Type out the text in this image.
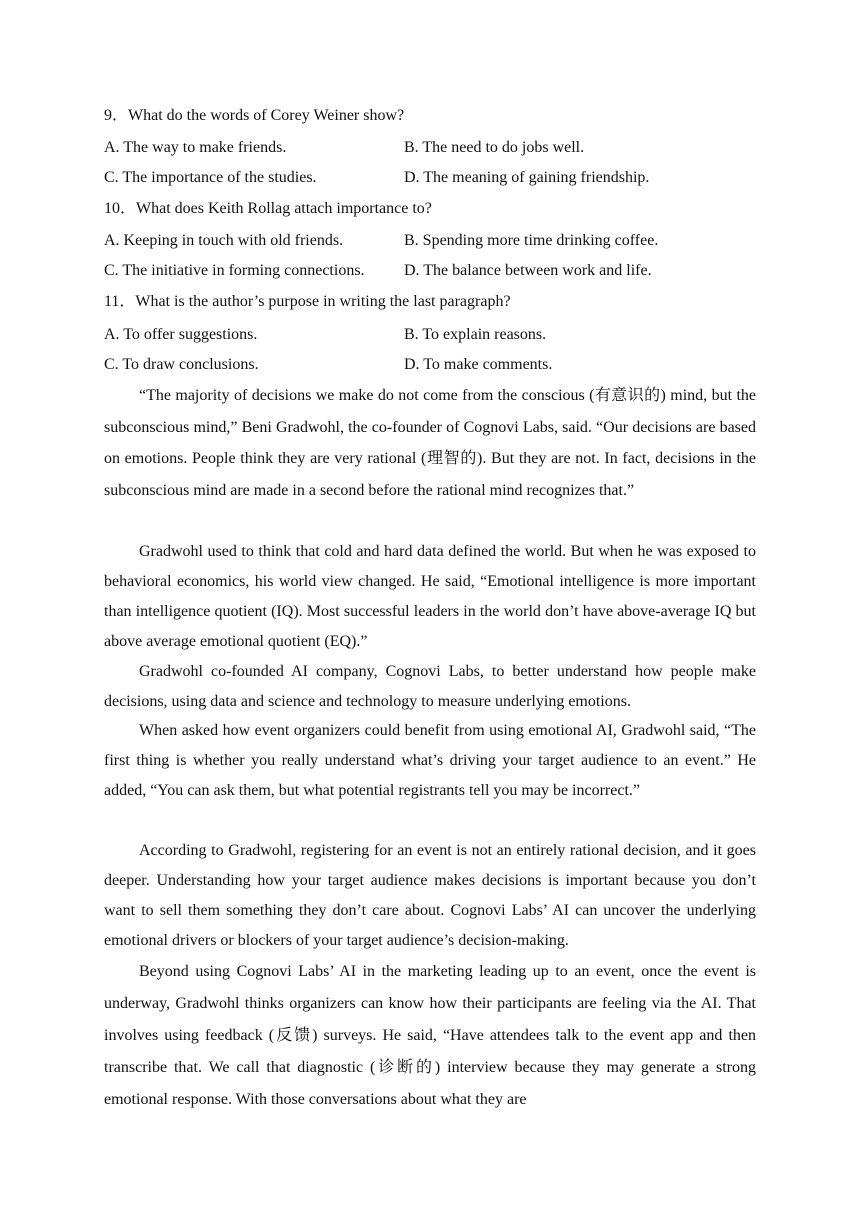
9．What do the words of Corey Weiner show?
A. The way to make friends.	B. The need to do jobs well.
C. The importance of the studies.	D. The meaning of gaining friendship.
10．What does Keith Rollag attach importance to?
A. Keeping in touch with old friends.	B. Spending more time drinking coffee.
C. The initiative in forming connections. D. The balance between work and life.
11．What is the author’s purpose in writing the last paragraph?
A. To offer suggestions.	B. To explain reasons.
C. To draw conclusions.	D. To make comments.
“The majority of decisions we make do not come from the conscious (有意识的) mind, but the subconscious mind,” Beni Gradwohl, the co-founder of Cognovi Labs, said. “Our decisions are based on emotions. People think they are very rational (理智的). But they are not. In fact, decisions in the subconscious mind are made in a second before the rational mind recognizes that.”
Gradwohl used to think that cold and hard data defined the world. But when he was exposed to behavioral economics, his world view changed. He said, “Emotional intelligence is more important than intelligence quotient (IQ). Most successful leaders in the world don’t have above-average IQ but above average emotional quotient (EQ).”
Gradwohl co-founded AI company, Cognovi Labs, to better understand how people make decisions, using data and science and technology to measure underlying emotions.
When asked how event organizers could benefit from using emotional AI, Gradwohl said, “The first thing is whether you really understand what’s driving your target audience to an event.” He added, “You can ask them, but what potential registrants tell you may be incorrect.”
According to Gradwohl, registering for an event is not an entirely rational decision, and it goes deeper. Understanding how your target audience makes decisions is important because you don’t want to sell them something they don’t care about. Cognovi Labs’ AI can uncover the underlying emotional drivers or blockers of your target audience’s decision-making.
Beyond using Cognovi Labs’ AI in the marketing leading up to an event, once the event is underway, Gradwohl thinks organizers can know how their participants are feeling via the AI. That involves using feedback (反馈) surveys. He said, “Have attendees talk to the event app and then transcribe that. We call that diagnostic (诊断的) interview because they may generate a strong emotional response. With those conversations about what they are
